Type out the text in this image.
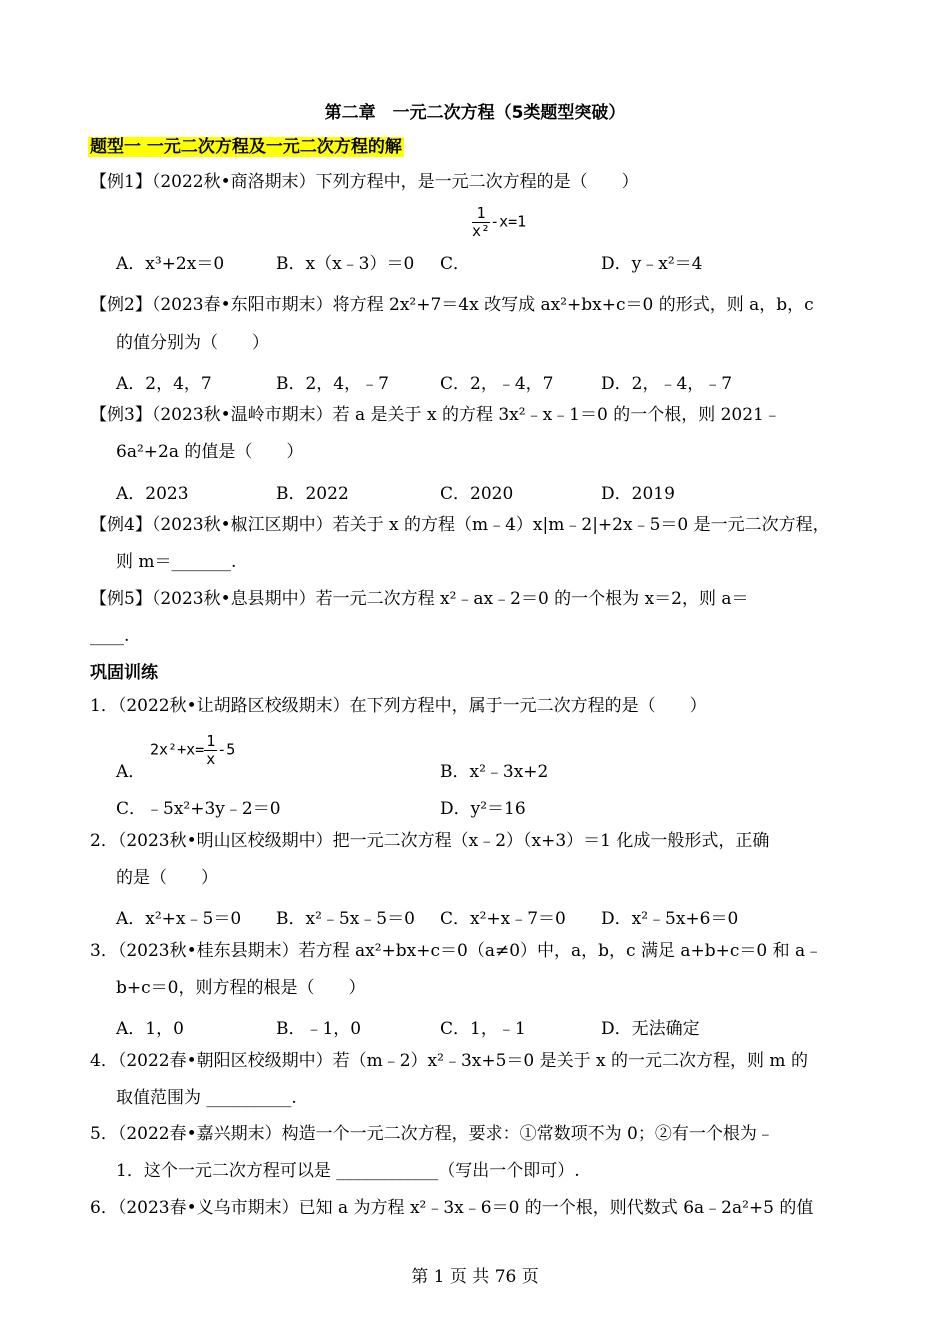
第二章　一元二次方程（5类题型突破）
题型一 一元二次方程及一元二次方程的解
【例1】（2022秋•商洛期末）下列方程中，是一元二次方程的是（　　）
A．x³+2x＝0	B．x（x﹣3）＝0 C．
$\frac{1}{\text{x²}} -x=1$
D．y﹣x²＝4
【例2】（2023春•东阳市期末）将方程 2x²+7＝4x 改写成 ax²+bx+c＝0 的形式，则 a，b，c
的值分别为（　　）
A．2，4，7	B．2，4，﹣7	C．2，﹣4，7	D．2，﹣4，﹣7
【例3】（2023秋•温岭市期末）若 a 是关于 x 的方程 3x²﹣x﹣1＝0 的一个根，则 2021﹣
6a²+2a 的值是（　　）
A．2023	B．2022	C．2020	D．2019
【例4】（2023秋•椒江区期中）若关于 x 的方程（m﹣4）x|m﹣2|+2x﹣5＝0 是一元二次方程，
则 m＝_______.
【例5】（2023秋•息县期中）若一元二次方程 x²﹣ax﹣2＝0 的一个根为 x＝2，则 a＝
____.
巩固训练
1．（2022秋•让胡路区校级期末）在下列方程中，属于一元二次方程的是（　　）
A．
$2x^2+x= \frac{1}{x} -5$
B．x²﹣3x+2
C．﹣5x²+3y﹣2＝0	D．y²＝16
2．（2023秋•明山区校级期中）把一元二次方程（x﹣2）（x+3）＝1 化成一般形式，正确
的是（　　）
A．x²+x﹣5＝0 B．x²﹣5x﹣5＝0 C．x²+x﹣7＝0 D．x²﹣5x+6＝0
3．（2023秋•桂东县期末）若方程 ax²+bx+c＝0（a≠0）中，a，b，c 满足 a+b+c＝0 和 a﹣
b+c＝0，则方程的根是（　　）
A．1，0	B．﹣1，0	C．1，﹣1	D．无法确定
4．（2022春•朝阳区校级期中）若（m﹣2）x²﹣3x+5＝0 是关于 x 的一元二次方程，则 m 的
取值范围为 __________.
5．（2022春•嘉兴期末）构造一个一元二次方程，要求：①常数项不为 0；②有一个根为﹣
1．这个一元二次方程可以是 ____________（写出一个即可）.
6．（2023春•义乌市期末）已知 a 为方程 x²﹣3x﹣6＝0 的一个根，则代数式 6a﹣2a²+5 的值
第 1 页 共 76 页
